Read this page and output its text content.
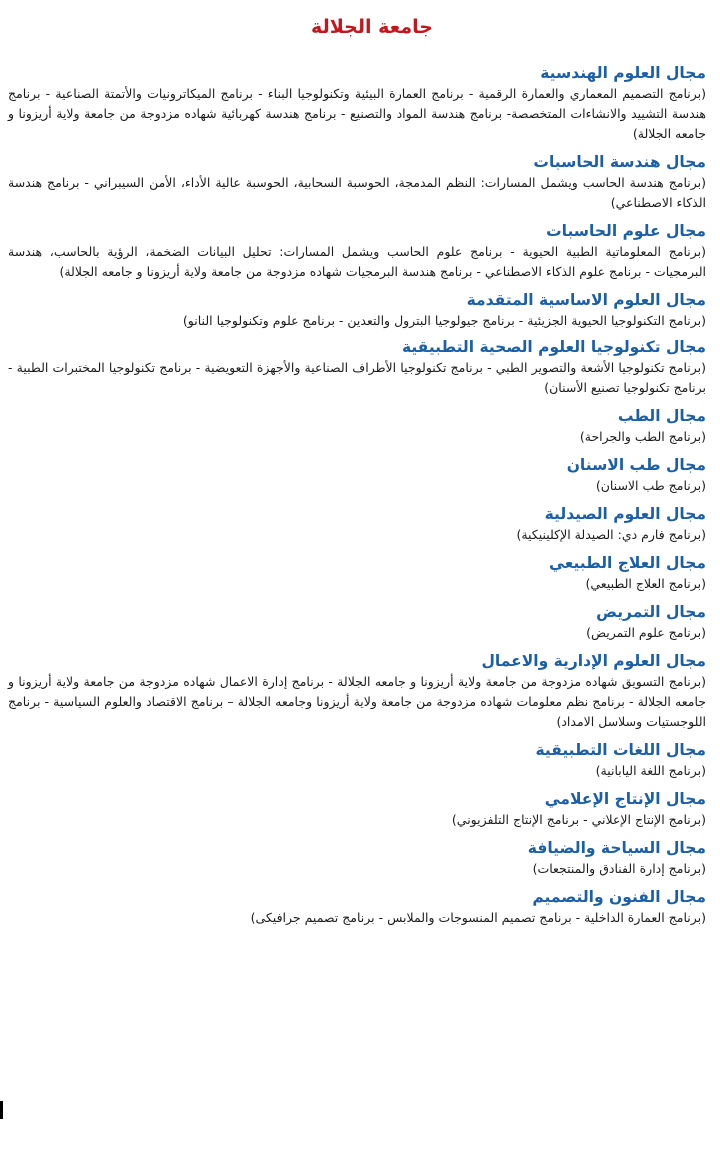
جامعة الجلالة
مجال العلوم الهندسية

(برنامج التصميم المعماري والعمارة الرقمية - برنامج العمارة البيئية وتكنولوجيا البناء - برنامج الميكاترونيات والأتمتة الصناعية - برنامج هندسة التشييد والانشاءات المتخصصة- برنامج هندسة المواد والتصنيع - برنامج هندسة كهربائية شهاده مزدوجة من جامعة ولاية أريزونا و جامعه الجلالة)

مجال هندسة الحاسبات

(برنامج هندسة الحاسب ويشمل المسارات: النظم المدمجة، الحوسبة السحابية، الحوسبة عالية الأداء، الأمن السيبراني - برنامج هندسة الذكاء الاصطناعي)

مجال علوم الحاسبات

(برنامج المعلوماتية الطبية الحيوية - برنامج علوم الحاسب ويشمل المسارات: تحليل البيانات الضخمة، الرؤية بالحاسب، هندسة البرمجيات - برنامج علوم الذكاء الاصطناعي - برنامج هندسة البرمجيات شهاده مزدوجة من جامعة ولاية أريزونا و جامعه الجلالة)

مجال العلوم الاساسية المتقدمة

(برنامج التكنولوجيا الحيوية الجزيئية - برنامج جيولوجيا البترول والتعدين - برنامج علوم وتكنولوجيا النانو)

مجال تكنولوجيا العلوم الصحية التطبيقية

(برنامج تكنولوجيا الأشعة والتصوير الطبي - برنامج تكنولوجيا الأطراف الصناعية والأجهزة التعويضية - برنامج تكنولوجيا المختبرات الطبية - برنامج تكنولوجيا تصنيع الأسنان)

مجال الطب

(برنامج الطب والجراحة)

مجال طب الاسنان

(برنامج طب الاسنان)

مجال العلوم الصيدلية

(برنامج فارم دي: الصيدلة الإكلينيكية)

مجال العلاج الطبيعي

(برنامج العلاج الطبيعي)

مجال التمريض

(برنامج علوم التمريض)

مجال العلوم الإدارية والاعمال

(برنامج التسويق شهاده مزدوجة من جامعة ولاية أريزونا و جامعه الجلالة - برنامج إدارة الاعمال شهاده مزدوجة من جامعة ولاية أريزونا و جامعه الجلالة - برنامج نظم معلومات شهاده مزدوجة من جامعة ولاية أريزونا وجامعه الجلالة – برنامج الاقتصاد والعلوم السياسية - برنامج اللوجستيات وسلاسل الامداد)

مجال اللغات التطبيقية

(برنامج اللغة اليابانية)

مجال الإنتاج الإعلامي

(برنامج الإنتاج الإعلاني - برنامج الإنتاج التلفزيوني)

مجال السياحة والضيافة

(برنامج إدارة الفنادق والمنتجعات)

مجال الفنون والتصميم

(برنامج العمارة الداخلية - برنامج تصميم المنسوجات والملابس - برنامج تصميم جرافيكى)
